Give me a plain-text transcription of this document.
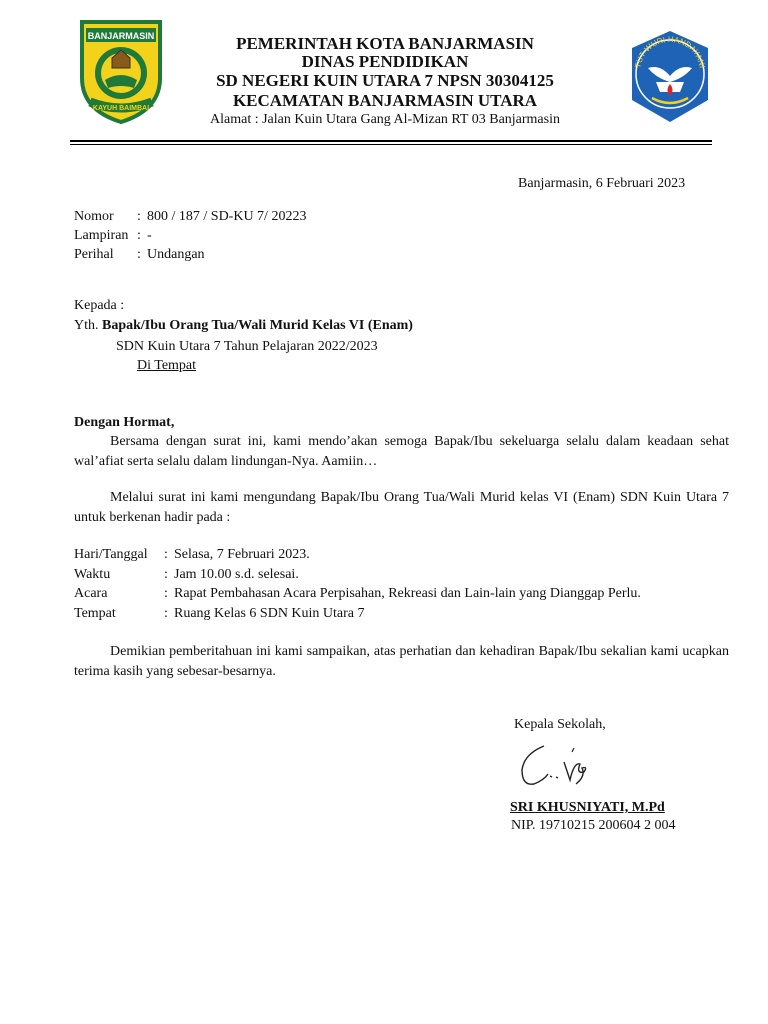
BANJARMASIN
KAYUH BAIMBAI
PEMERINTAH KOTA BANJARMASIN
DINAS PENDIDIKAN
SD NEGERI KUIN UTARA 7 NPSN 30304125
KECAMATAN BANJARMASIN UTARA
Alamat : Jalan Kuin Utara Gang Al-Mizan RT 03 Banjarmasin
TUT WURI HANDAYANI
Banjarmasin, 6 Februari 2023
Nomor : 800 / 187 / SD-KU 7/ 20223
Lampiran : -
Perihal : Undangan
Kepada :
Yth. Bapak/Ibu Orang Tua/Wali Murid Kelas VI (Enam)
SDN Kuin Utara 7 Tahun Pelajaran 2022/2023
Di Tempat
Dengan Hormat,
Bersama dengan surat ini, kami mendo’akan semoga Bapak/Ibu sekeluarga selalu dalam keadaan sehat wal’afiat serta selalu dalam lindungan-Nya. Aamiin…
Melalui surat ini kami mengundang Bapak/Ibu Orang Tua/Wali Murid kelas VI (Enam) SDN Kuin Utara 7 untuk berkenan hadir pada :
Hari/Tanggal : Selasa, 7 Februari 2023.
Waktu	: Jam 10.00 s.d. selesai.
Acara	: Rapat Pembahasan Acara Perpisahan, Rekreasi dan Lain-lain yang Dianggap Perlu.
Tempat	: Ruang Kelas 6 SDN Kuin Utara 7
Demikian pemberitahuan ini kami sampaikan, atas perhatian dan kehadiran Bapak/Ibu sekalian kami ucapkan terima kasih yang sebesar-besarnya.
Kepala Sekolah,
SRI KHUSNIYATI, M.Pd
NIP. 19710215 200604 2 004
